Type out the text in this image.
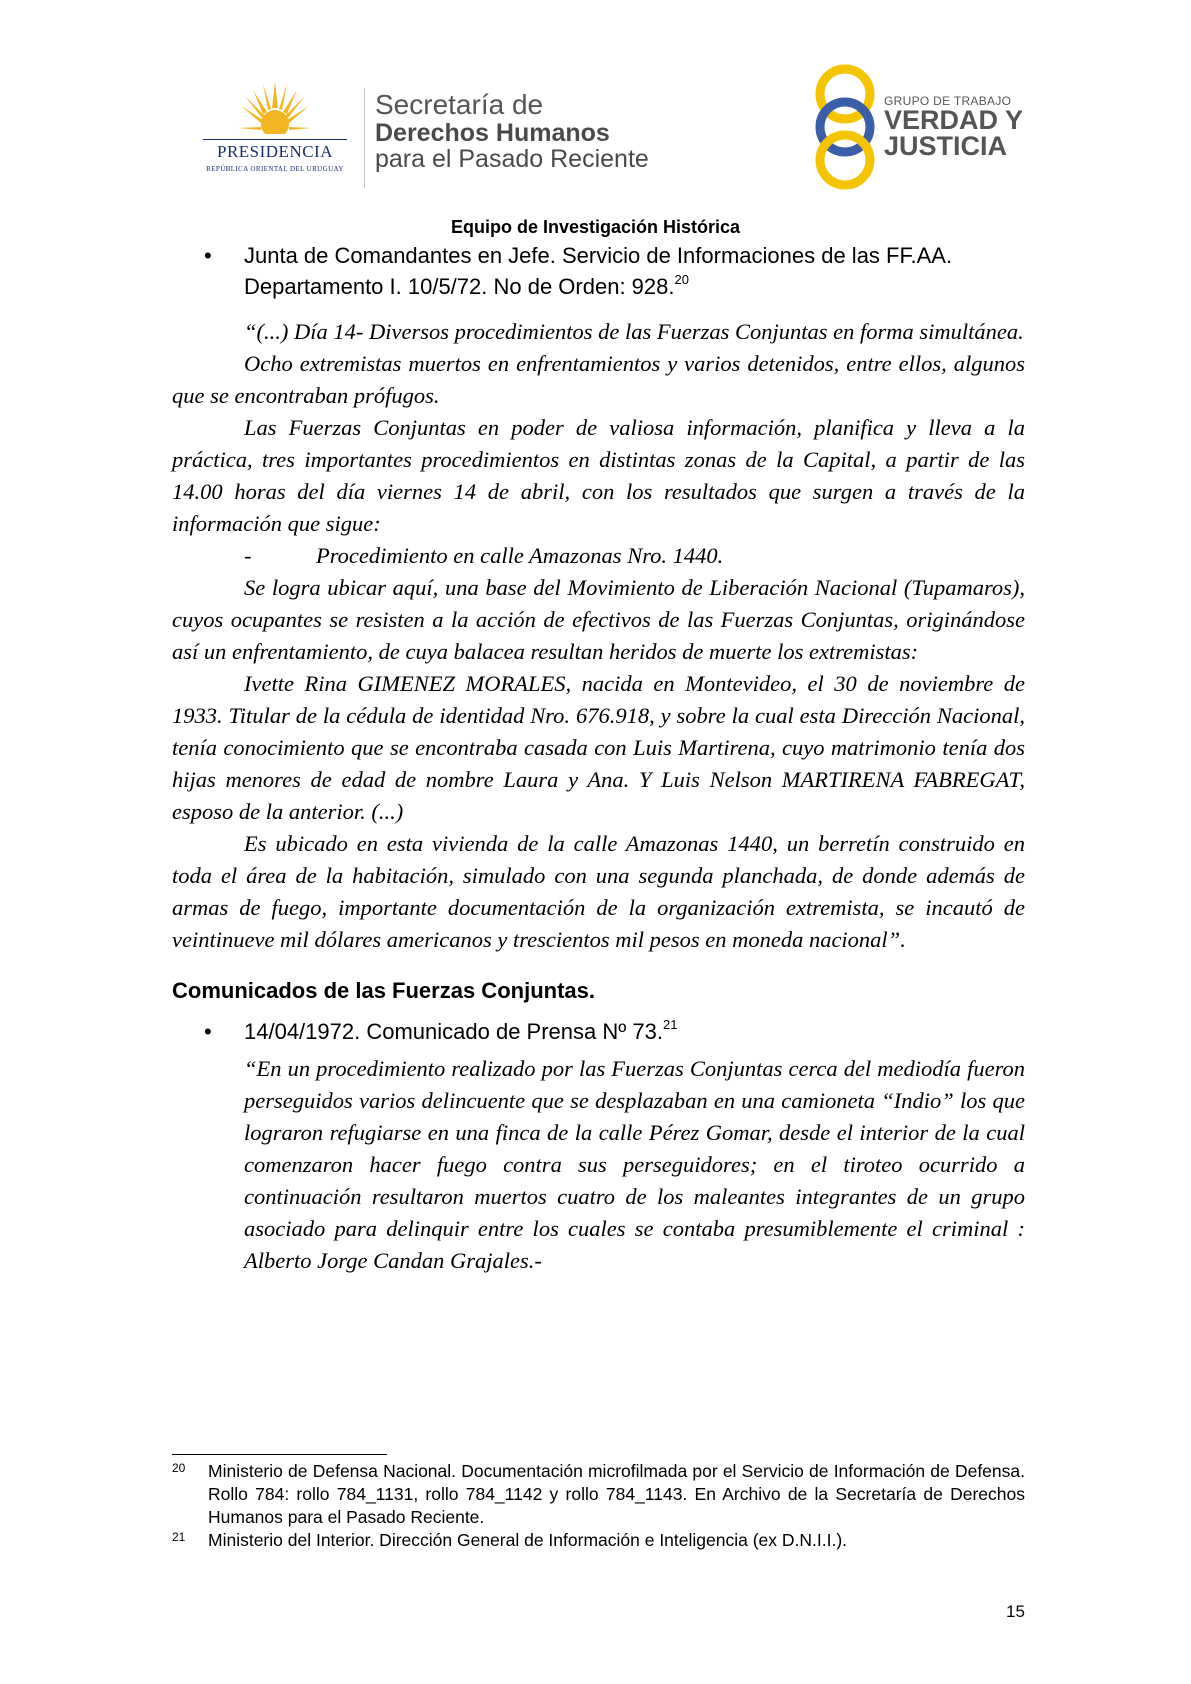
PRESIDENCIA
REPÚBLICA ORIENTAL DEL URUGUAY
Secretaría de
Derechos Humanos
para el Pasado Reciente
GRUPO DE TRABAJO
VERDAD Y
JUSTICIA
Equipo de Investigación Histórica
•	Junta de Comandantes en Jefe. Servicio de Informaciones de las FF.AA.
Departamento I. 10/5/72. No de Orden: 928.20

“(...) Día 14- Diversos procedimientos de las Fuerzas Conjuntas en forma simultánea.

Ocho extremistas muertos en enfrentamientos y varios detenidos, entre ellos, algunos que se encontraban prófugos.

Las Fuerzas Conjuntas en poder de valiosa información, planifica y lleva a la práctica, tres importantes procedimientos en distintas zonas de la Capital, a partir de las 14.00 horas del día viernes 14 de abril, con los resultados que surgen a través de la información que sigue:

-	Procedimiento en calle Amazonas Nro. 1440.

Se logra ubicar aquí, una base del Movimiento de Liberación Nacional (Tupamaros), cuyos ocupantes se resisten a la acción de efectivos de las Fuerzas Conjuntas, originándose así un enfrentamiento, de cuya balacea resultan heridos de muerte los extremistas:

Ivette Rina GIMENEZ MORALES, nacida en Montevideo, el 30 de noviembre de 1933. Titular de la cédula de identidad Nro. 676.918, y sobre la cual esta Dirección Nacional, tenía conocimiento que se encontraba casada con Luis Martirena, cuyo matrimonio tenía dos hijas menores de edad de nombre Laura y Ana. Y Luis Nelson MARTIRENA FABREGAT, esposo de la anterior. (...)

Es ubicado en esta vivienda de la calle Amazonas 1440, un berretín construido en toda el área de la habitación, simulado con una segunda planchada, de donde además de armas de fuego, importante documentación de la organización extremista, se incautó de veintinueve mil dólares americanos y trescientos mil pesos en moneda nacional”.

Comunicados de las Fuerzas Conjuntas.
•	14/04/1972. Comunicado de Prensa Nº 73.21
“En un procedimiento realizado por las Fuerzas Conjuntas cerca del mediodía fueron perseguidos varios delincuente que se desplazaban en una camioneta “Indio” los que lograron refugiarse en una finca de la calle Pérez Gomar, desde el interior de la cual comenzaron hacer fuego contra sus perseguidores; en el tiroteo ocurrido a continuación resultaron muertos cuatro de los maleantes integrantes de un grupo asociado para delinquir entre los cuales se contaba presumiblemente el criminal : Alberto Jorge Candan Grajales.-
20	Ministerio de Defensa Nacional. Documentación microfilmada por el Servicio de Información de Defensa. Rollo 784: rollo 784_1131, rollo 784_1142 y rollo 784_1143. En Archivo de la Secretaría de Derechos Humanos para el Pasado Reciente.
21	Ministerio del Interior. Dirección General de Información e Inteligencia (ex D.N.I.I.).
15
